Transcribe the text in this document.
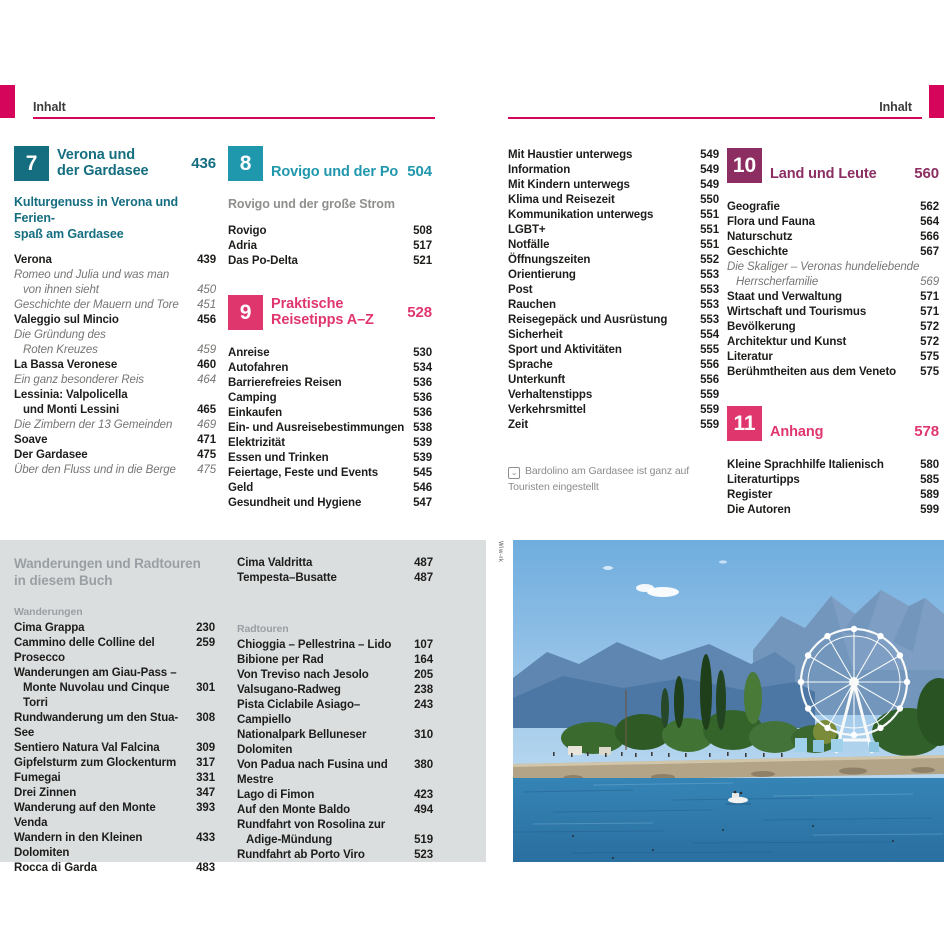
Inhalt	Inhalt
7	Verona und
der Gardasee	436
Kulturgenuss in Verona und Ferien-
spaß am Gardasee
Verona	439
Romeo und Julia und was man
von ihnen sieht	450
Geschichte der Mauern und Tore	451
Valeggio sul Mincio	456
Die Gründung des
Roten Kreuzes	459
La Bassa Veronese	460
Ein ganz besonderer Reis	464
Lessinia: Valpolicella
und Monti Lessini	465
Die Zimbern der 13 Gemeinden	469
Soave	471
Der Gardasee	475
Über den Fluss und in die Berge	475
8	Rovigo und der Po 504
Rovigo und der große Strom
Rovigo	508
Adria	517
Das Po-Delta	521
9	Praktische
Reisetipps A–Z	528
Anreise	530
Autofahren	534
Barrierefreies Reisen	536
Camping	536
Einkaufen	536
Ein- und Ausreisebestimmungen 538
Elektrizität	539
Essen und Trinken	539
Feiertage, Feste und Events	545
Geld	546
Gesundheit und Hygiene	547
Mit Haustier unterwegs	549
Information	549
Mit Kindern unterwegs	549
Klima und Reisezeit	550
Kommunikation unterwegs	551
LGBT+	551
Notfälle	551
Öffnungszeiten	552
Orientierung	553
Post	553
Rauchen	553
Reisegepäck und Ausrüstung	553
Sicherheit	554
Sport und Aktivitäten	555
Sprache	556
Unterkunft	556
Verhaltenstipps	559
Verkehrsmittel	559
Zeit	559
⌄ Bardolino am Gardasee ist ganz auf Touristen eingestellt
10 Land und Leute	560
Geografie	562
Flora und Fauna	564
Naturschutz	566
Geschichte	567
Die Skaliger – Veronas hundeliebende
Herrscherfamilie	569
Staat und Verwaltung	571
Wirtschaft und Tourismus	571
Bevölkerung	572
Architektur und Kunst	572
Literatur	575
Berühmtheiten aus dem Veneto	575
11	Anhang	578
Kleine Sprachhilfe Italienisch	580
Literaturtipps	585
Register	589
Die Autoren	599
Wanderungen und Radtouren
in diesem Buch
Wanderungen
Cima Grappa	230
Cammino delle Colline del Prosecco
259
Wanderungen am Giau-Pass –
Monte Nuvolau und Cinque Torri
301
Rundwanderung um den Stua-See
308
Sentiero Natura Val Falcina	309
Gipfelsturm zum Glockenturm	317
Fumegai	331
Drei Zinnen	347
Wanderung auf den Monte Venda
393
Wandern in den Kleinen Dolomiten
433
Rocca di Garda	483
Cima Valdritta	487
Tempesta–Busatte	487
Radtouren
Chioggia – Pellestrina – Lido	107
Bibione per Rad	164
Von Treviso nach Jesolo	205
Valsugano-Radweg	238
Pista Ciclabile Asiago–Campiello
243
Nationalpark Belluneser Dolomiten
310
Von Padua nach Fusina und Mestre
380
Lago di Fimon	423
Auf den Monte Baldo	494
Rundfahrt von Rosolina zur
Adige-Mündung	519
Rundfahrt ab Porto Viro	523
Wiw-rk
